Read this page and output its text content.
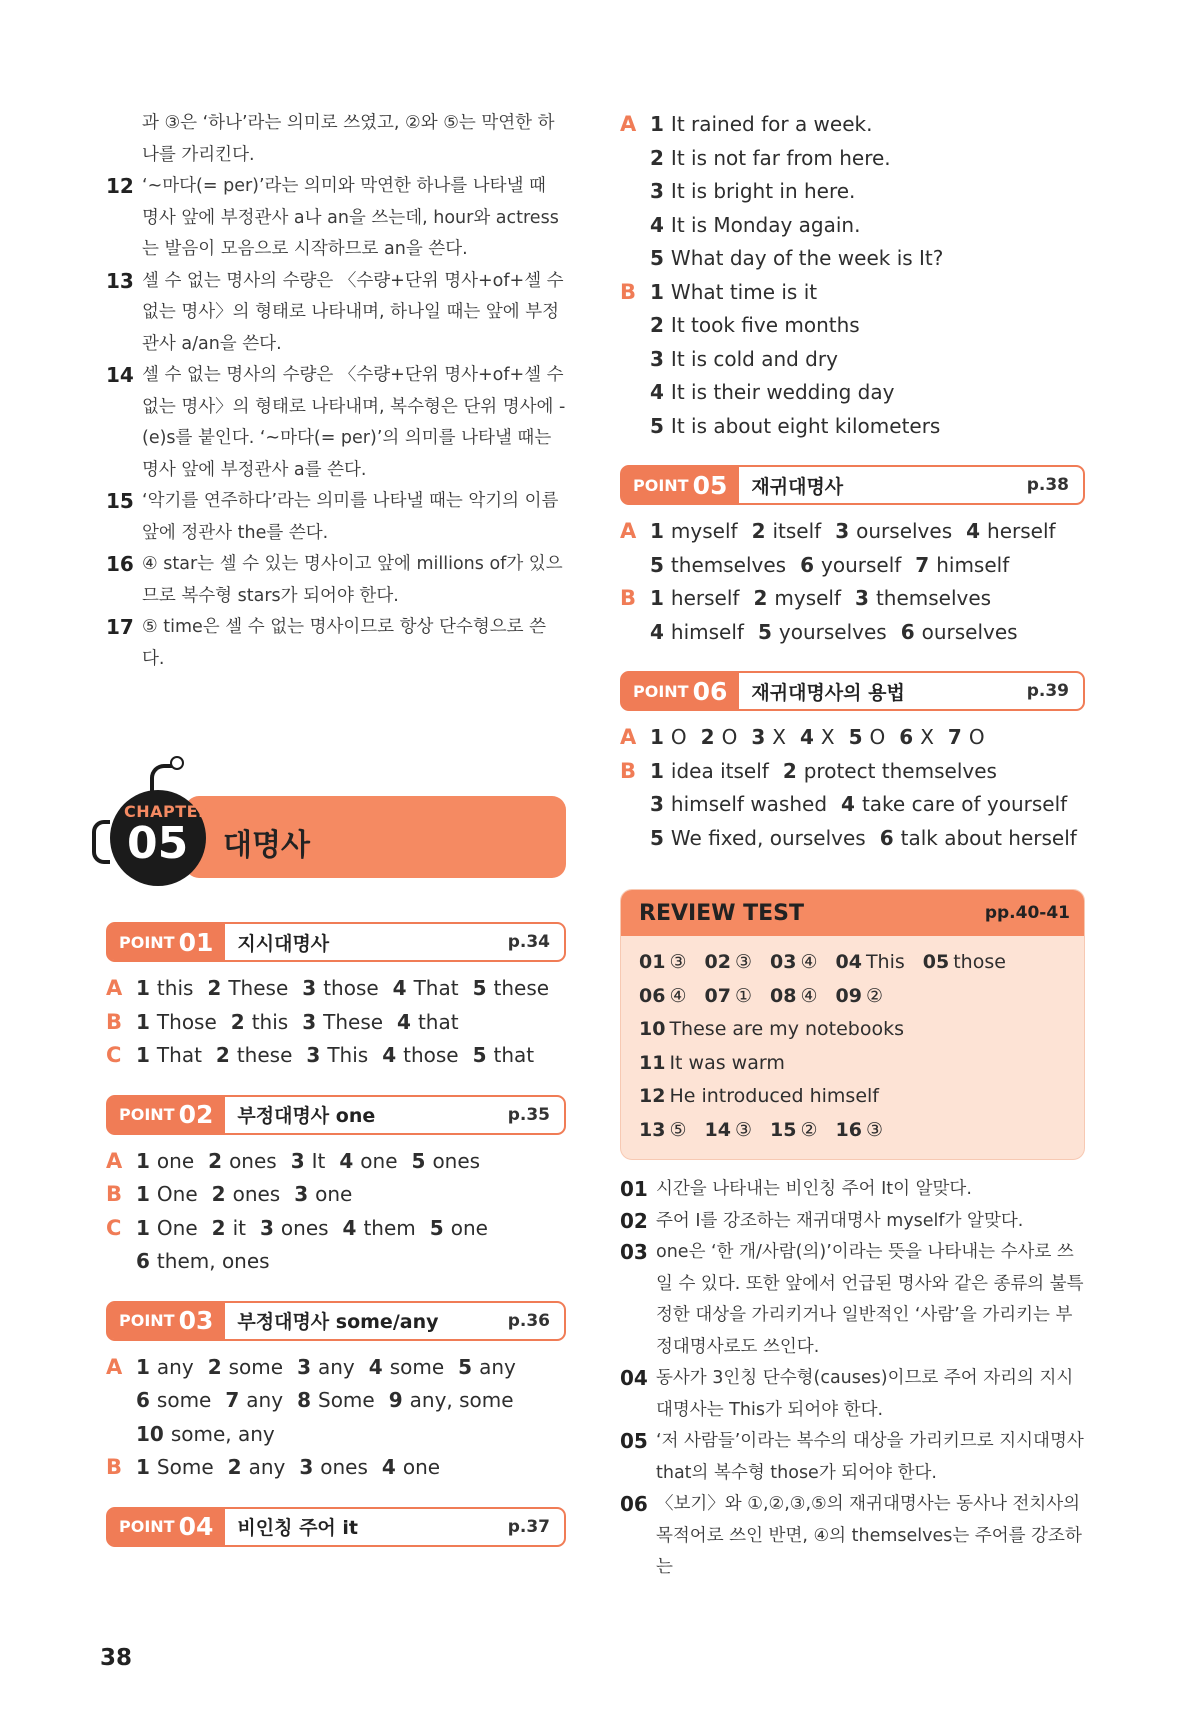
과 ③은 ‘하나’라는 의미로 쓰였고, ②와 ⑤는 막연한 하나를 가리킨다.
12 ‘~마다(= per)’라는 의미와 막연한 하나를 나타낼 때 명사 앞에 부정관사 a나 an을 쓰는데, hour와 actress는 발음이 모음으로 시작하므로 an을 쓴다.
13 셀 수 없는 명사의 수량은 〈수량+단위 명사+of+셀 수 없는 명사〉의 형태로 나타내며, 하나일 때는 앞에 부정관사 a/an을 쓴다.
14 셀 수 없는 명사의 수량은 〈수량+단위 명사+of+셀 수 없는 명사〉의 형태로 나타내며, 복수형은 단위 명사에 -(e)s를 붙인다. ‘~마다(= per)’의 의미를 나타낼 때는 명사 앞에 부정관사 a를 쓴다.
15 ‘악기를 연주하다’라는 의미를 나타낼 때는 악기의 이름 앞에 정관사 the를 쓴다.
16 ④ star는 셀 수 있는 명사이고 앞에 millions of가 있으므로 복수형 stars가 되어야 한다.
17 ⑤ time은 셀 수 없는 명사이므로 항상 단수형으로 쓴다.
CHAPTER
05 대명사
POINT 01 지시대명사	p.34
A 1 this 2 These 3 those 4 That 5 these
B 1 Those 2 this 3 These 4 that
C 1 That 2 these 3 This 4 those 5 that
POINT 02 부정대명사 one	p.35
A 1 one 2 ones 3 It 4 one 5 ones
B 1 One 2 ones 3 one
C 1 One 2 it 3 ones 4 them 5 one
6 them, ones
POINT 03 부정대명사 some/any	p.36
A 1 any 2 some 3 any 4 some 5 any
6 some 7 any 8 Some 9 any, some
10 some, any
B 1 Some 2 any 3 ones 4 one
POINT 04 비인칭 주어 it	p.37
A 1 It rained for a week.
2 It is not far from here.
3 It is bright in here.
4 It is Monday again.
5 What day of the week is It?
B 1 What time is it
2 It took five months
3 It is cold and dry
4 It is their wedding day
5 It is about eight kilometers
POINT 05 재귀대명사	p.38
A 1 myself 2 itself 3 ourselves 4 herself
5 themselves 6 yourself 7 himself
B 1 herself 2 myself 3 themselves
4 himself 5 yourselves 6 ourselves
POINT 06 재귀대명사의 용법	p.39
A 1 O 2 O 3 X 4 X 5 O 6 X 7 O
B 1 idea itself 2 protect themselves
3 himself washed 4 take care of yourself
5 We fixed, ourselves 6 talk about herself
REVIEW TEST	pp.40-41
01 ③ 02 ③ 03 ④ 04 This 05 those
06 ④ 07 ① 08 ④ 09 ②
10 These are my notebooks
11 It was warm
12 He introduced himself
13 ⑤ 14 ③ 15 ② 16 ③
01 시간을 나타내는 비인칭 주어 It이 알맞다.
02 주어 I를 강조하는 재귀대명사 myself가 알맞다.
03 one은 ‘한 개/사람(의)’이라는 뜻을 나타내는 수사로 쓰일 수 있다. 또한 앞에서 언급된 명사와 같은 종류의 불특정한 대상을 가리키거나 일반적인 ‘사람’을 가리키는 부정대명사로도 쓰인다.
04 동사가 3인칭 단수형(causes)이므로 주어 자리의 지시대명사는 This가 되어야 한다.
05 ‘저 사람들’이라는 복수의 대상을 가리키므로 지시대명사 that의 복수형 those가 되어야 한다.
06 〈보기〉와 ①,②,③,⑤의 재귀대명사는 동사나 전치사의 목적어로 쓰인 반면, ④의 themselves는 주어를 강조하는
38
